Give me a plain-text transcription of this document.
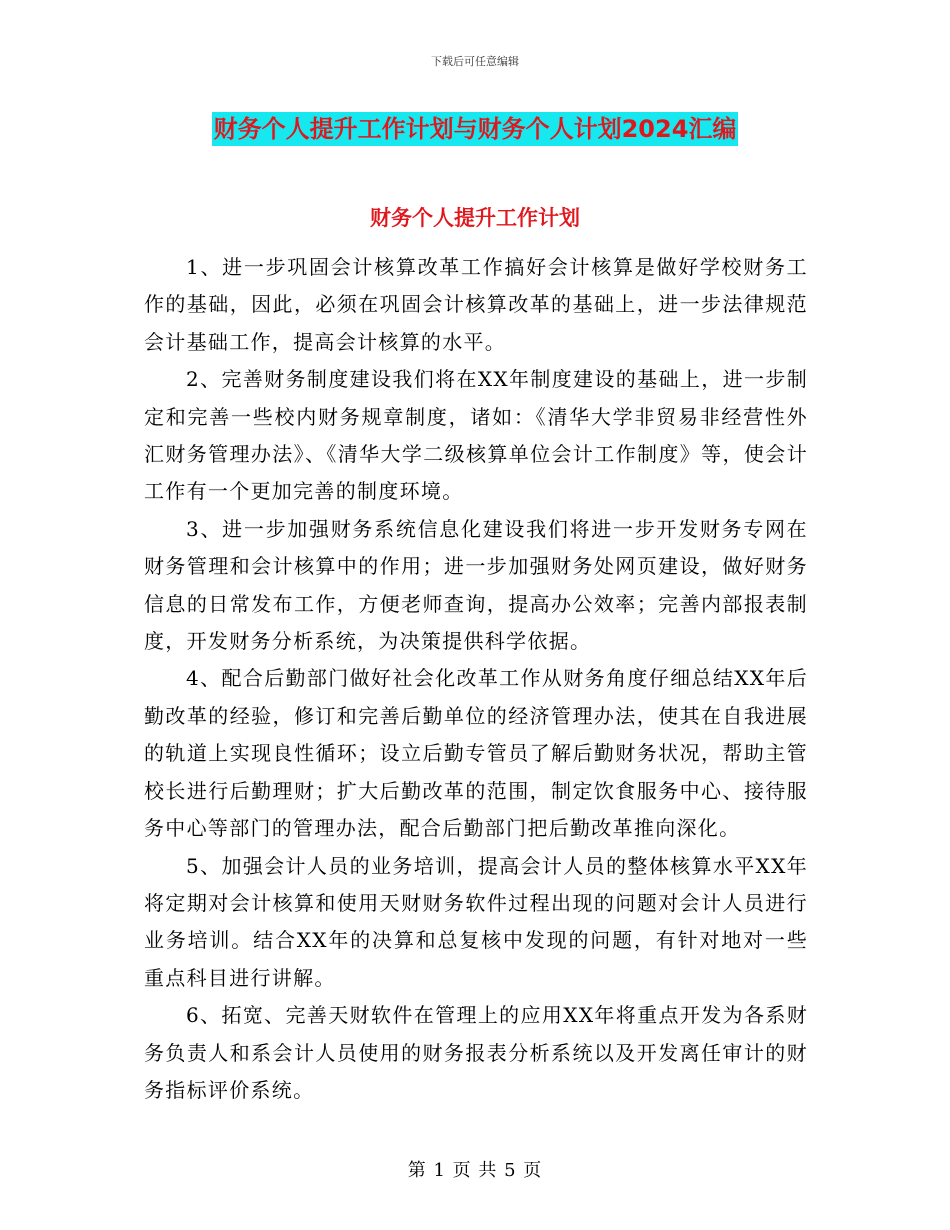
下载后可任意编辑
财务个人提升工作计划与财务个人计划2024汇编
财务个人提升工作计划

1、进一步巩固会计核算改革工作搞好会计核算是做好学校财务工作的基础，因此，必须在巩固会计核算改革的基础上，进一步法律规范会计基础工作，提高会计核算的水平。

2、完善财务制度建设我们将在XX年制度建设的基础上，进一步制定和完善一些校内财务规章制度，诸如：《清华大学非贸易非经营性外汇财务管理办法》、《清华大学二级核算单位会计工作制度》等，使会计工作有一个更加完善的制度环境。

3、进一步加强财务系统信息化建设我们将进一步开发财务专网在财务管理和会计核算中的作用；进一步加强财务处网页建设，做好财务信息的日常发布工作，方便老师查询，提高办公效率；完善内部报表制度，开发财务分析系统，为决策提供科学依据。

4、配合后勤部门做好社会化改革工作从财务角度仔细总结XX年后勤改革的经验，修订和完善后勤单位的经济管理办法，使其在自我进展的轨道上实现良性循环；设立后勤专管员了解后勤财务状况，帮助主管校长进行后勤理财；扩大后勤改革的范围，制定饮食服务中心、接待服务中心等部门的管理办法，配合后勤部门把后勤改革推向深化。

5、加强会计人员的业务培训，提高会计人员的整体核算水平XX年将定期对会计核算和使用天财财务软件过程出现的问题对会计人员进行业务培训。结合XX年的决算和总复核中发现的问题，有针对地对一些重点科目进行讲解。

6、拓宽、完善天财软件在管理上的应用XX年将重点开发为各系财务负责人和系会计人员使用的财务报表分析系统以及开发离任审计的财务指标评价系统。

第 1 页 共 5 页
